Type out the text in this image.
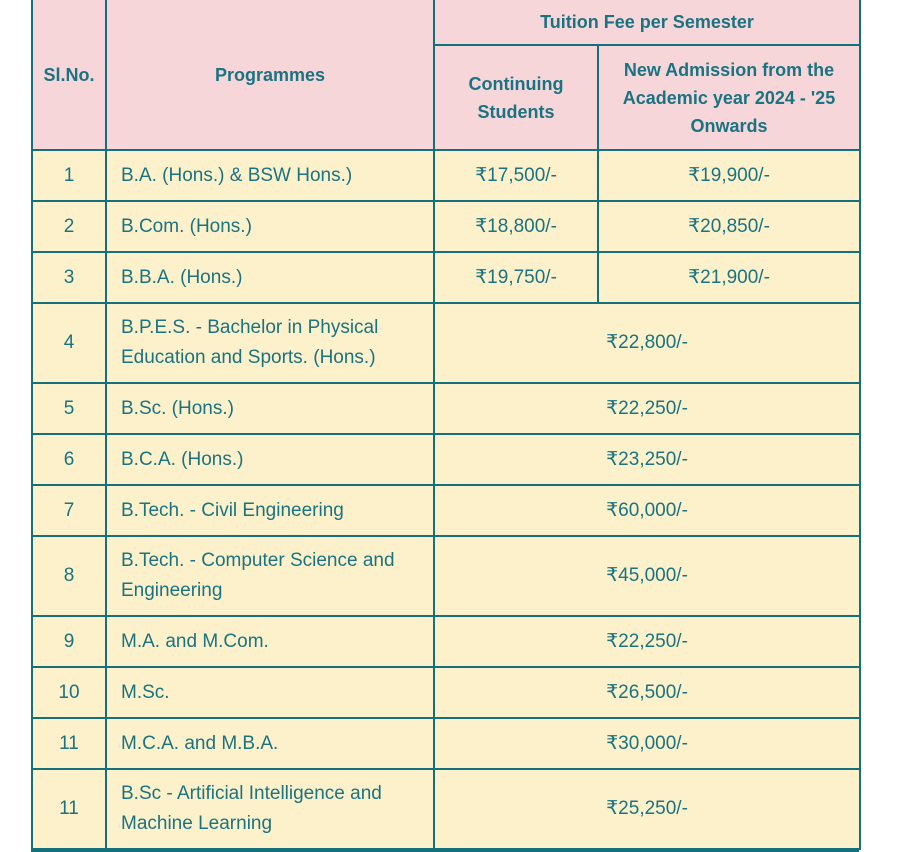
Sl.No.	Programmes	Tuition Fee per Semester	
		Continuing Students	New Admission from the Academic year 2024 - '25 Onwards
1	B.A. (Hons.) & BSW Hons.)	₹17,500/-	₹19,900/-
2	B.Com. (Hons.)	₹18,800/-	₹20,850/-
3	B.B.A. (Hons.)	₹19,750/-	₹21,900/-
4	B.P.E.S. - Bachelor in Physical Education and Sports. (Hons.)	₹22,800/-	
5	B.Sc. (Hons.)	₹22,250/-	
6	B.C.A. (Hons.)	₹23,250/-	
7	B.Tech. - Civil Engineering	₹60,000/-	
8	B.Tech. - Computer Science and Engineering	₹45,000/-	
9	M.A. and M.Com.	₹22,250/-	
10	M.Sc.	₹26,500/-	
11	M.C.A. and M.B.A.	₹30,000/-	
11	B.Sc - Artificial Intelligence and Machine Learning	₹25,250/-	
